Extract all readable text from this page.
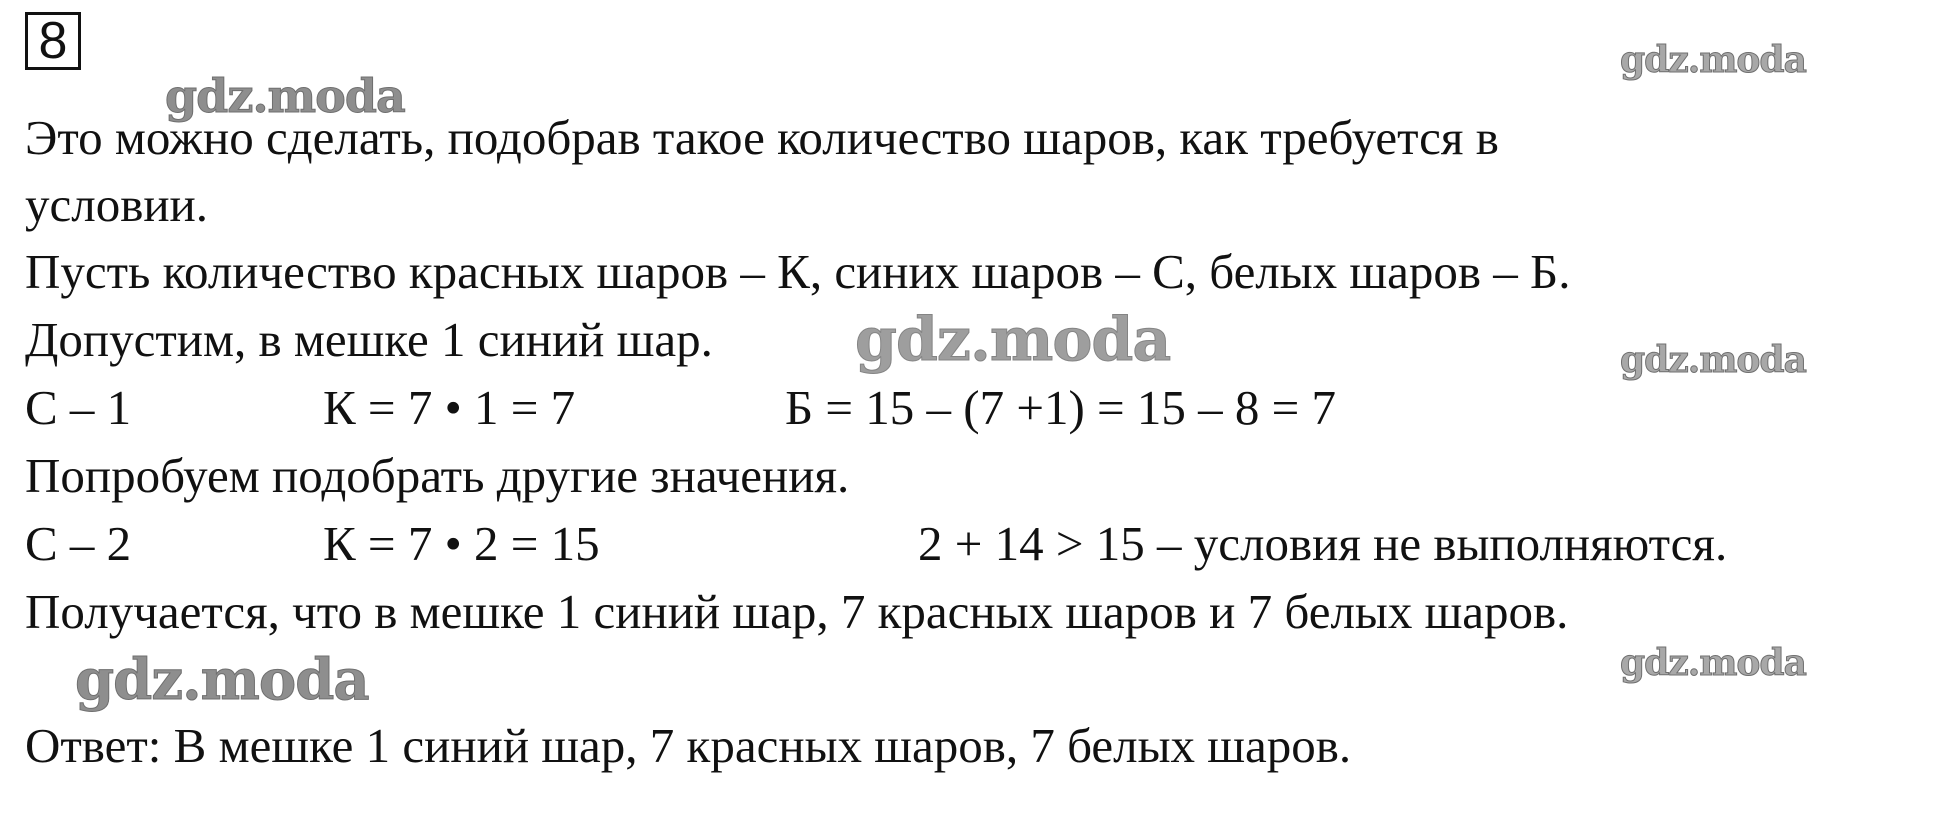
8	gdz.moda
gdz.moda
gdz.moda	gdz.moda
gdz.moda
gdz.moda
Это можно сделать, подобрав такое количество шаров, как требуется в
условии.
Пусть количество красных шаров – К, синих шаров – С, белых шаров – Б.
Допустим, в мешке 1 синий шар.
С – 1	К = 7 • 1 = 7	Б = 15 – (7 +1) = 15 – 8 = 7
Попробуем подобрать другие значения.
С – 2	К = 7 • 2 = 15	2 + 14 > 15 – условия не выполняются.
Получается, что в мешке 1 синий шар, 7 красных шаров и 7 белых шаров.
Ответ: В мешке 1 синий шар, 7 красных шаров, 7 белых шаров.
